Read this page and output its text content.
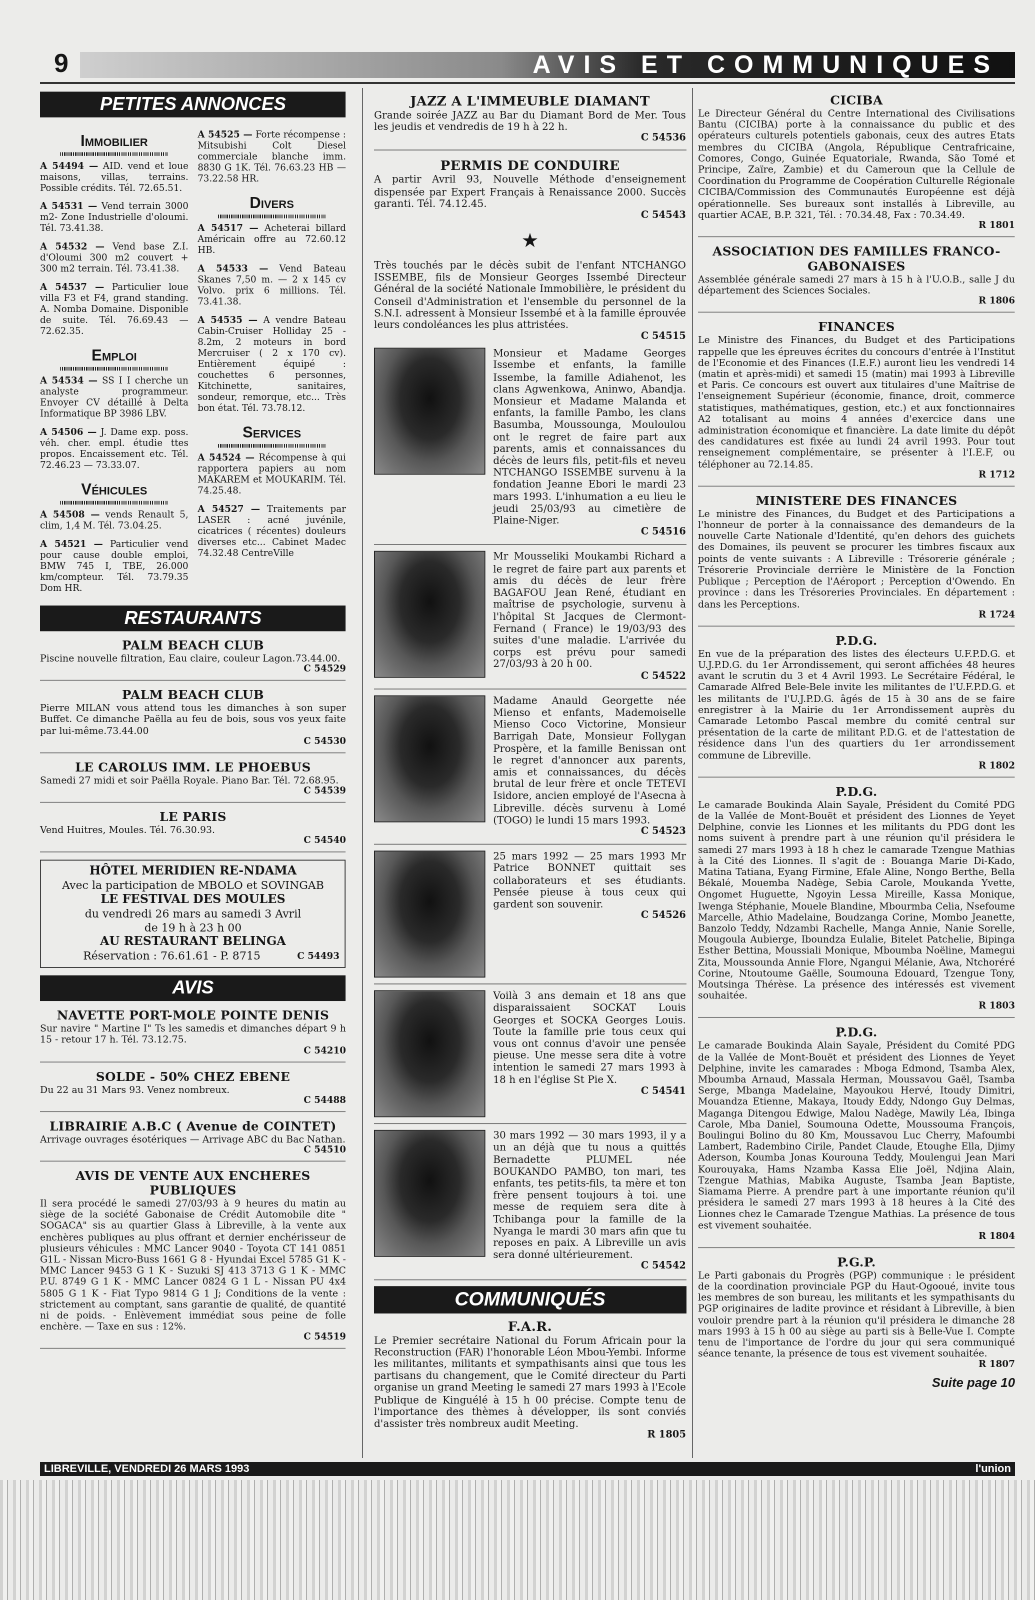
9	AVIS ET COMMUNIQUES
PETITES ANNONCES
Immobilier
A 54494 — AID. vend et loue maisons, villas, terrains. Possible crédits. Tél. 72.65.51.
A 54531 — Vend terrain 3000 m2- Zone Industrielle d'oloumi. Tél. 73.41.38.
A 54532 — Vend base Z.I. d'Oloumi 300 m2 couvert + 300 m2 terrain. Tél. 73.41.38.
A 54537 — Particulier loue villa F3 et F4, grand standing. A. Nomba Domaine. Disponible de suite. Tél. 76.69.43 — 72.62.35.
Emploi
A 54534 — SS I I cherche un analyste programmeur. Envoyer CV détaillé à Delta Informatique BP 3986 LBV.
A 54506 — J. Dame exp. poss. véh. cher. empl. étudie ttes propos. Encaissement etc. Tél. 72.46.23 — 73.33.07.
Véhicules
A 54508 — vends Renault 5, clim, 1,4 M. Tél. 73.04.25.
A 54521 — Particulier vend pour cause double emploi, BMW 745 I, TBE, 26.000 km/compteur. Tél. 73.79.35 Dom HR.
A 54525 — Forte récompense : Mitsubishi Colt Diesel commerciale blanche imm. 8830 G 1K. Tél. 76.63.23 HB — 73.22.58 HR.
Divers
A 54517 — Acheterai billard Américain offre au 72.60.12 HB.
A 54533 — Vend Bateau Skanes 7,50 m. — 2 x 145 cv Volvo. prix 6 millions. Tél. 73.41.38.
A 54535 — A vendre Bateau Cabin-Cruiser Holliday 25 - 8.2m, 2 moteurs in bord Mercruiser ( 2 x 170 cv). Entièrement équipé : couchettes 6 personnes, Kitchinette, sanitaires, sondeur, remorque, etc... Très bon état. Tél. 73.78.12.
Services
A 54524 — Récompense à qui rapportera papiers au nom MAKAREM et MOUKARIM. Tél. 74.25.48.
A 54527 — Traitements par LASER : acné juvénile, cicatrices ( récentes) douleurs diverses etc... Cabinet Madec 74.32.48 CentreVille
RESTAURANTS
PALM BEACH CLUB
Piscine nouvelle filtration, Eau claire, couleur Lagon.73.44.00.
C 54529
PALM BEACH CLUB
Pierre MILAN vous attend tous les dimanches à son super Buffet. Ce dimanche Paëlla au feu de bois, sous vos yeux faite par lui-même.73.44.00
C 54530
LE CAROLUS IMM. LE PHOEBUS
Samedi 27 midi et soir Paëlla Royale. Piano Bar. Tél. 72.68.95.
C 54539
LE PARIS
Vend Huitres, Moules. Tél. 76.30.93.
C 54540
HÔTEL MERIDIEN RE-NDAMA
Avec la participation de MBOLO et SOVINGAB
LE FESTIVAL DES MOULES
du vendredi 26 mars au samedi 3 Avril
de 19 h à 23 h 00
AU RESTAURANT BELINGA
Réservation : 76.61.61 - P. 8715	C 54493
AVIS
NAVETTE PORT-MOLE POINTE DENIS
Sur navire " Martine I" Ts les samedis et dimanches départ 9 h 15 - retour 17 h. Tél. 73.12.75.
C 54210
SOLDE - 50% CHEZ EBENE
Du 22 au 31 Mars 93. Venez nombreux.
C 54488
LIBRAIRIE A.B.C ( Avenue de COINTET)
Arrivage ouvrages ésotériques — Arrivage ABC du Bac Nathan.
C 54510
AVIS DE VENTE AUX ENCHERES PUBLIQUES
Il sera procédé le samedi 27/03/93 à 9 heures du matin au siège de la société Gabonaise de Crédit Automobile dite " SOGACA" sis au quartier Glass à Libreville, à la vente aux enchères publiques au plus offrant et dernier enchérisseur de plusieurs véhicules : MMC Lancer 9040 - Toyota CT 141 0851 G1L - Nissan Micro-Buss 1661 G 8 - Hyundai Excel 5785 G1 K - MMC Lancer 9453 G 1 K - Suzuki SJ 413 3713 G 1 K - MMC P.U. 8749 G 1 K - MMC Lancer 0824 G 1 L - Nissan PU 4x4 5805 G 1 K - Fiat Typo 9814 G 1 J; Conditions de la vente : strictement au comptant, sans garantie de qualité, de quantité ni de poids. - Enlèvement immédiat sous peine de folle enchère. — Taxe en sus : 12%.
C 54519
JAZZ A L'IMMEUBLE DIAMANT
Grande soirée JAZZ au Bar du Diamant Bord de Mer. Tous les jeudis et vendredis de 19 h à 22 h.
C 54536
PERMIS DE CONDUIRE
A partir Avril 93, Nouvelle Méthode d'enseignement dispensée par Expert Français à Renaissance 2000. Succès garanti. Tél. 74.12.45.
C 54543
★
Très touchés par le décès subit de l'enfant NTCHANGO ISSEMBE, fils de Monsieur Georges Issembé Directeur Général de la société Nationale Immobilière, le président du Conseil d'Administration et l'ensemble du personnel de la S.N.I. adressent à Monsieur Issembé et à la famille éprouvée leurs condoléances les plus attristées.
C 54515
Monsieur et Madame Georges Issembe et enfants, la famille Issembe, la famille Adiahenot, les clans Agwenkowa, Aninwo, Abandja. Monsieur et Madame Malanda et enfants, la famille Pambo, les clans Basumba, Moussounga, Mouloulou ont le regret de faire part aux parents, amis et connaissances du décès de leurs fils, petit-fils et neveu NTCHANGO ISSEMBE survenu à la fondation Jeanne Ebori le mardi 23 mars 1993. L'inhumation a eu lieu le jeudi 25/03/93 au cimetière de Plaine-Niger.
C 54516
Mr Mousseliki Moukambi Richard a le regret de faire part aux parents et amis du décès de leur frère BAGAFOU Jean René, étudiant en maîtrise de psychologie, survenu à l'hôpital St Jacques de Clermont-Fernand ( France) le 19/03/93 des suites d'une maladie. L'arrivée du corps est prévu pour samedi 27/03/93 à 20 h 00.
C 54522
Madame Anauld Georgette née Mienso et enfants, Mademoiselle Mienso Coco Victorine, Monsieur Barrigah Date, Monsieur Follygan Prospère, et la famille Benissan ont le regret d'annoncer aux parents, amis et connaissances, du décès brutal de leur frère et oncle TETEVI Isidore, ancien employé de l'Asecna à Libreville. décès survenu à Lomé (TOGO) le lundi 15 mars 1993.
C 54523
25 mars 1992 — 25 mars 1993 Mr Patrice BONNET quittait ses collaborateurs et ses étudiants. Pensée pieuse à tous ceux qui gardent son souvenir.
C 54526
Voilà 3 ans demain et 18 ans que disparaissaient SOCKAT Louis Georges et SOCKA Georges Louis. Toute la famille prie tous ceux qui vous ont connus d'avoir une pensée pieuse. Une messe sera dite à votre intention le samedi 27 mars 1993 à 18 h en l'église St Pie X.
C 54541
30 mars 1992 — 30 mars 1993, il y a un an déjà que tu nous a quittés Bernadette PLUMEL née BOUKANDO PAMBO, ton mari, tes enfants, tes petits-fils, ta mère et ton frère pensent toujours à toi. une messe de requiem sera dite à Tchibanga pour la famille de la Nyanga le mardi 30 mars afin que tu reposes en paix. A Libreville un avis sera donné ultérieurement.
C 54542
COMMUNIQUÉS
F.A.R.
Le Premier secrétaire National du Forum Africain pour la Reconstruction (FAR) l'honorable Léon Mbou-Yembi. Informe les militantes, militants et sympathisants ainsi que tous les partisans du changement, que le Comité directeur du Parti organise un grand Meeting le samedi 27 mars 1993 à l'Ecole Publique de Kinguélé à 15 h 00 précise. Compte tenu de l'importance des thèmes à développer, ils sont conviés d'assister très nombreux audit Meeting.
R 1805
CICIBA
Le Directeur Général du Centre International des Civilisations Bantu (CICIBA) porte à la connaissance du public et des opérateurs culturels potentiels gabonais, ceux des autres Etats membres du CICIBA (Angola, République Centrafricaine, Comores, Congo, Guinée Equatoriale, Rwanda, São Tomé et Principe, Zaïre, Zambie) et du Cameroun que la Cellule de Coordination du Programme de Coopération Culturelle Régionale CICIBA/Commission des Communautés Européenne est déjà opérationnelle. Ses bureaux sont installés à Libreville, au quartier ACAE, B.P. 321, Tél. : 70.34.48, Fax : 70.34.49.
R 1801
ASSOCIATION DES FAMILLES FRANCO-GABONAISES
Assemblée générale samedi 27 mars à 15 h à l'U.O.B., salle J du département des Sciences Sociales.
R 1806
FINANCES
Le Ministre des Finances, du Budget et des Participations rappelle que les épreuves écrites du concours d'entrée à l'Institut de l'Economie et des Finances (I.E.F.) auront lieu les vendredi 14 (matin et après-midi) et samedi 15 (matin) mai 1993 à Libreville et Paris. Ce concours est ouvert aux titulaires d'une Maîtrise de l'enseignement Supérieur (économie, finance, droit, commerce statistiques, mathématiques, gestion, etc.) et aux fonctionnaires A2 totalisant au moins 4 années d'exercice dans une administration économique et financière. La date limite du dépôt des candidatures est fixée au lundi 24 avril 1993. Pour tout renseignement complémentaire, se présenter à l'I.E.F, ou téléphoner au 72.14.85.
R 1712
MINISTERE DES FINANCES
Le ministre des Finances, du Budget et des Participations a l'honneur de porter à la connaissance des demandeurs de la nouvelle Carte Nationale d'Identité, qu'en dehors des guichets des Domaines, ils peuvent se procurer les timbres fiscaux aux points de vente suivants : A Libreville : Trésorerie générale ; Trésorerie Provinciale derrière le Ministère de la Fonction Publique ; Perception de l'Aéroport ; Perception d'Owendo. En province : dans les Trésoreries Provinciales. En département : dans les Perceptions.
R 1724
P.D.G.
En vue de la préparation des listes des électeurs U.F.P.D.G. et U.J.P.D.G. du 1er Arrondissement, qui seront affichées 48 heures avant le scrutin du 3 et 4 Avril 1993. Le Secrétaire Fédéral, le Camarade Alfred Bele-Bele invite les militantes de l'U.F.P.D.G. et les militants de l'U.J.P.D.G. âgés de 15 à 30 ans de se faire enregistrer à la Mairie du 1er Arrondissement auprès du Camarade Letombo Pascal membre du comité central sur présentation de la carte de militant P.D.G. et de l'attestation de résidence dans l'un des quartiers du 1er arrondissement commune de Libreville.
R 1802
P.D.G.
Le camarade Boukinda Alain Sayale, Président du Comité PDG de la Vallée de Mont-Bouët et président des Lionnes de Yeyet Delphine, convie les Lionnes et les militants du PDG dont les noms suivent à prendre part à une réunion qu'il présidera le samedi 27 mars 1993 à 18 h chez le camarade Tzengue Mathias à la Cité des Lionnes. Il s'agit de : Bouanga Marie Di-Kado, Matina Tatiana, Eyang Firmine, Efale Aline, Nongo Berthe, Bella Békalé, Mouemba Nadège, Sebia Carole, Moukanda Yvette, Ongomet Huguette, Ngoyin Lessa Mireille, Kassa Monique, Iwenga Stéphanie, Mouele Blandine, Mbourmba Celia, Nsefoume Marcelle, Athio Madelaine, Boudzanga Corine, Mombo Jeanette, Banzolo Teddy, Ndzambi Rachelle, Manga Annie, Nanie Sorelle, Mougoula Aubierge, Iboundza Eulalie, Bitelet Patchelie, Bipinga Esther Bettina, Moussiali Monique, Mboumba Noëline, Mamegui Zita, Moussounda Annie Flore, Ngangui Mélanie, Awa, Ntchoréré Corine, Ntoutoume Gaëlle, Soumouna Edouard, Tzengue Tony, Moutsinga Thérèse. La présence des intéressés est vivement souhaitée.
R 1803
P.D.G.
Le camarade Boukinda Alain Sayale, Président du Comité PDG de la Vallée de Mont-Bouët et président des Lionnes de Yeyet Delphine, invite les camarades : Mboga Edmond, Tsamba Alex, Mboumba Arnaud, Massala Herman, Moussavou Gaël, Tsamba Serge, Mbanga Madelaine, Mayoukou Hervé, Itoudy Dimitri, Mouandza Etienne, Makaya, Itoudy Eddy, Ndongo Guy Delmas, Maganga Ditengou Edwige, Malou Nadège, Mawily Léa, Ibinga Carole, Mba Daniel, Soumouna Odette, Moussouma François, Boulingui Bolino du 80 Km, Moussavou Luc Cherry, Mafoumbi Lambert, Radembino Cirile, Pandet Claude, Etoughe Ella, Djimy Aderson, Koumba Jonas Kourouna Teddy, Moulengui Jean Mari Kourouyaka, Hams Nzamba Kassa Elie Joël, Ndjina Alain, Tzengue Mathias, Mabika Auguste, Tsamba Jean Baptiste, Siamama Pierre. A prendre part à une importante réunion qu'il présidera le samedi 27 mars 1993 à 18 heures à la Cité des Lionnes chez le Camarade Tzengue Mathias. La présence de tous est vivement souhaitée.
R 1804
P.G.P.
Le Parti gabonais du Progrès (PGP) communique : le président de la coordination provinciale PGP du Haut-Ogooué, invite tous les membres de son bureau, les militants et les sympathisants du PGP originaires de ladite province et résidant à Libreville, à bien vouloir prendre part à la réunion qu'il présidera le dimanche 28 mars 1993 à 15 h 00 au siège au parti sis à Belle-Vue I. Compte tenu de l'importance de l'ordre du jour qui sera communiqué séance tenante, la présence de tous est vivement souhaitée.
R 1807
Suite page 10
LIBREVILLE, VENDREDI 26 MARS 1993	l'union
